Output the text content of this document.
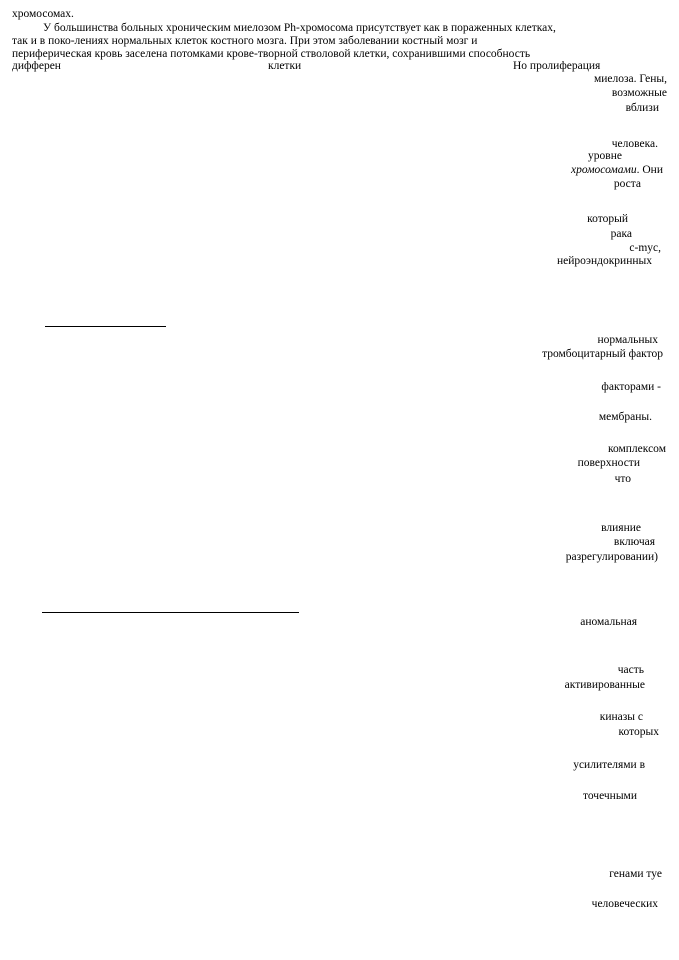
хромосомах.
У большинства больных хроническим миелозом Ph-хромосома присутствует как в пораженных клетках,
так и в поко-лениях нормальных клеток костного мозга. При этом заболевании костный мозг и
периферическая кровь заселена потомками крове-творной стволовой клетки, сохранившими способность
дифферен	клетки	Но пролиферация
миелоза. Гены,
возможные
вблизи
человека.
уровне
хромосомами. Они
роста
который
рака
c-myc,
нейроэндокринных
нормальных
тромбоцитарный фактор
факторами -
мембраны.
комплексом
поверхности
что
влияние
включая
разрегулировании)
аномальная
часть
активированные
киназы с
которых
усилителями в
точечными
генами туе
человеческих
